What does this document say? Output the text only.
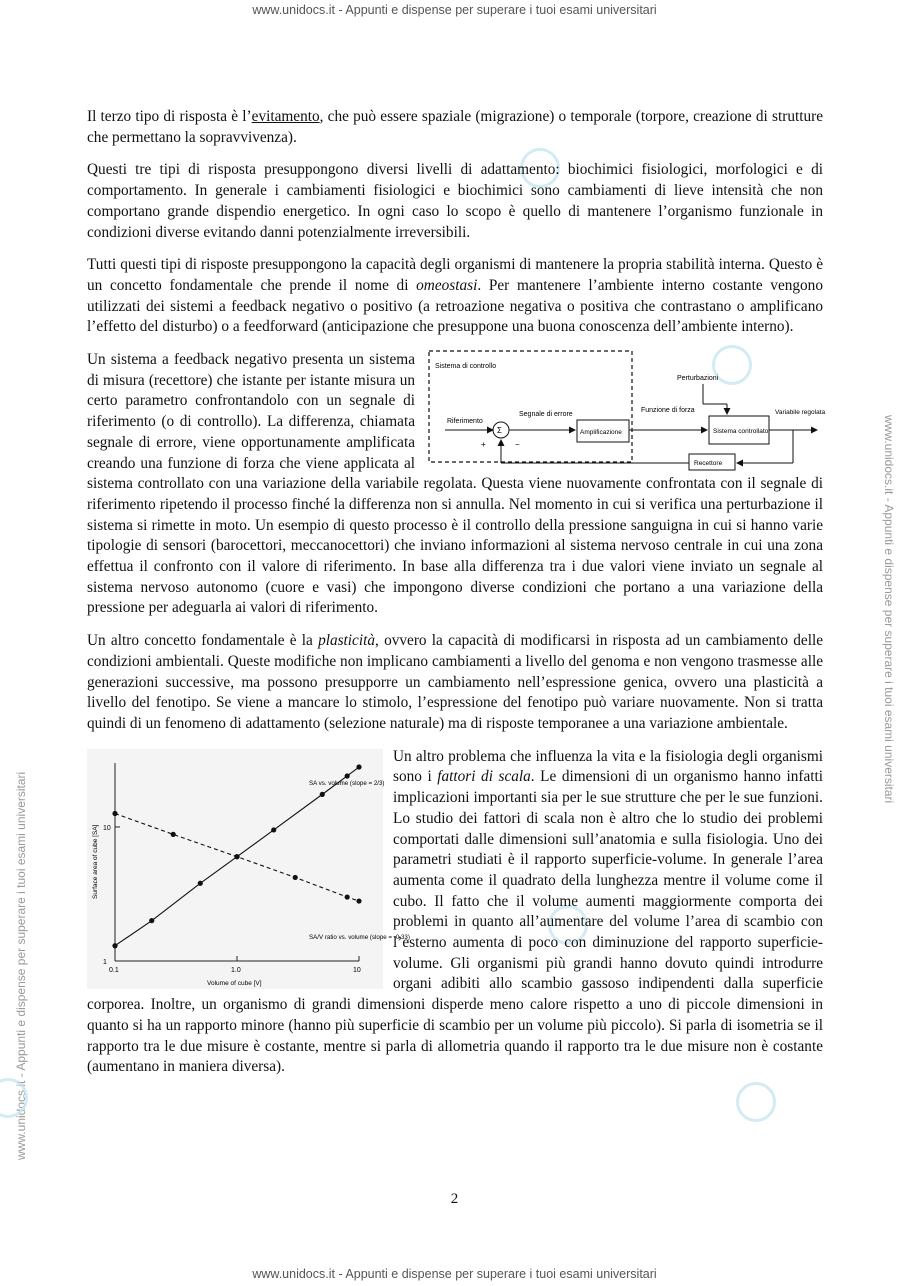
www.unidocs.it - Appunti e dispense per superare i tuoi esami universitari
www.unidocs.it - Appunti e dispense per superare i tuoi esami universitari
www.unidocs.it - Appunti e dispense per superare i tuoi esami universitari

Il terzo tipo di risposta è l’evitamento, che può essere spaziale (migrazione) o temporale (torpore, creazione di strutture che permettano la sopravvivenza).

Questi tre tipi di risposta presuppongono diversi livelli di adattamento: biochimici fisiologici, morfologici e di comportamento. In generale i cambiamenti fisiologici e biochimici sono cambiamenti di lieve intensità che non comportano grande dispendio energetico. In ogni caso lo scopo è quello di mantenere l’organismo funzionale in condizioni diverse evitando danni potenzialmente irreversibili.

Tutti questi tipi di risposte presuppongono la capacità degli organismi di mantenere la propria stabilità interna. Questo è un concetto fondamentale che prende il nome di omeostasi. Per mantenere l’ambiente interno costante vengono utilizzati dei sistemi a feedback negativo o positivo (a retroazione negativa o positiva che contrastano o amplificano l’effetto del disturbo) o a feedforward (anticipazione che presuppone una buona conoscenza dell’ambiente interno).

Sistema di controllo
Riferimento
Σ
+	−
Segnale di errore
Amplificazione
Funzione di forza
Perturbazioni
Sistema controllato
Variabile regolata
Recettore

Un sistema a feedback negativo presenta un sistema di misura (recettore) che istante per istante misura un certo parametro confrontandolo con un segnale di riferimento (o di controllo). La differenza, chiamata segnale di errore, viene opportunamente amplificata creando una funzione di forza che viene applicata al sistema controllato con una variazione della variabile regolata. Questa viene nuovamente confrontata con il segnale di riferimento ripetendo il processo finché la differenza non si annulla. Nel momento in cui si verifica una perturbazione il sistema si rimette in moto. Un esempio di questo processo è il controllo della pressione sanguigna in cui si hanno varie tipologie di sensori (barocettori, meccanocettori) che inviano informazioni al sistema nervoso centrale in cui una zona effettua il confronto con il valore di riferimento. In base alla differenza tra i due valori viene inviato un segnale al sistema nervoso autonomo (cuore e vasi) che impongono diverse condizioni che portano a una variazione della pressione per adeguarla ai valori di riferimento.

Un altro concetto fondamentale è la plasticità, ovvero la capacità di modificarsi in risposta ad un cambiamento delle condizioni ambientali. Queste modifiche non implicano cambiamenti a livello del genoma e non vengono trasmesse alle generazioni successive, ma possono presupporre un cambiamento nell’espressione genica, ovvero una plasticità a livello del fenotipo. Se viene a mancare lo stimolo, l’espressione del fenotipo può variare nuovamente. Non si tratta quindi di un fenomeno di adattamento (selezione naturale) ma di risposte temporanee a una variazione ambientale.

0.1	1.0	10
1
10
Volume of cube [V]
Surface area of cube [SA]
SA vs. volume (slope = 2/3)
SA/V ratio vs. volume (slope = -0.33)

Un altro problema che influenza la vita e la fisiologia degli organismi sono i fattori di scala. Le dimensioni di un organismo hanno infatti implicazioni importanti sia per le sue strutture che per le sue funzioni. Lo studio dei fattori di scala non è altro che lo studio dei problemi comportati dalle dimensioni sull’anatomia e sulla fisiologia. Uno dei parametri studiati è il rapporto superficie-volume. In generale l’area aumenta come il quadrato della lunghezza mentre il volume come il cubo. Il fatto che il volume aumenti maggiormente comporta dei problemi in quanto all’aumentare del volume l’area di scambio con l’esterno aumenta di poco con diminuzione del rapporto superficie-volume. Gli organismi più grandi hanno dovuto quindi introdurre organi adibiti allo scambio gassoso indipendenti dalla superficie corporea. Inoltre, un organismo di grandi dimensioni disperde meno calore rispetto a uno di piccole dimensioni in quanto si ha un rapporto minore (hanno più superficie di scambio per un volume più piccolo). Si parla di isometria se il rapporto tra le due misure è costante, mentre si parla di allometria quando il rapporto tra le due misure non è costante (aumentano in maniera diversa).

2
www.unidocs.it - Appunti e dispense per superare i tuoi esami universitari
